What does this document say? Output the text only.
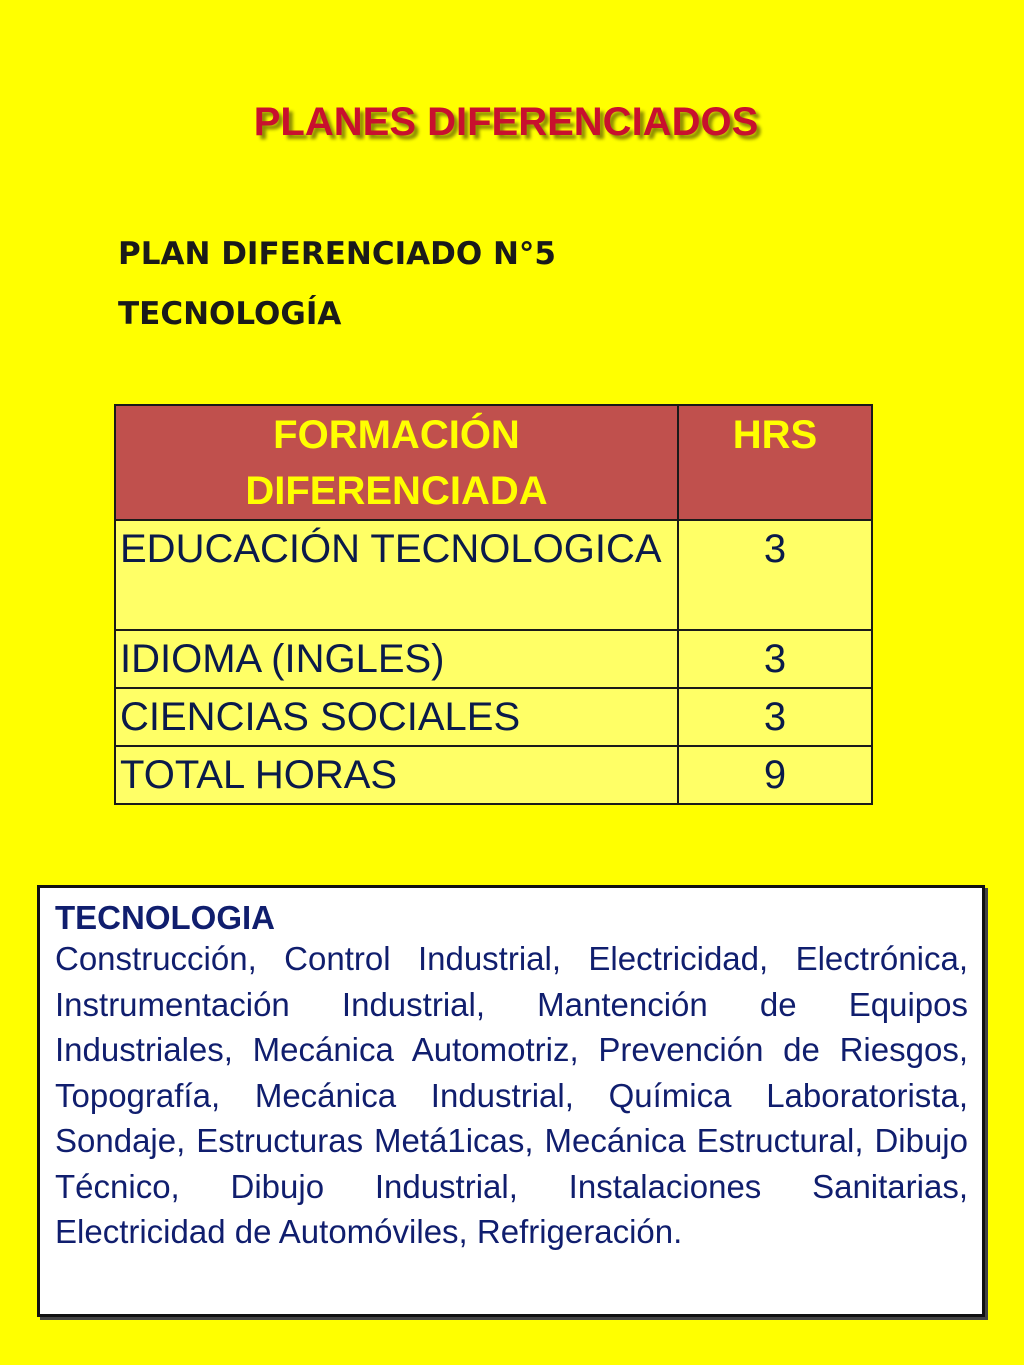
PLANES DIFERENCIADOS
PLAN DIFERENCIADO N°5
TECNOLOGÍA
FORMACIÓN DIFERENCIADA	HRS
EDUCACIÓN TECNOLOGICA	3
IDIOMA (INGLES)	3
CIENCIAS SOCIALES	3
TOTAL HORAS	9

TECNOLOGIA

Construcción, Control Industrial, Electricidad, Electrónica, Instrumentación Industrial, Mantención de Equipos Industriales, Mecánica Automotriz, Prevención de Riesgos, Topografía, Mecánica Industrial, Química Laboratorista, Sondaje, Estructuras Metá1icas, Mecánica Estructural, Dibujo Técnico, Dibujo Industrial, Instalaciones Sanitarias, Electricidad de Automóviles, Refrigeración.
